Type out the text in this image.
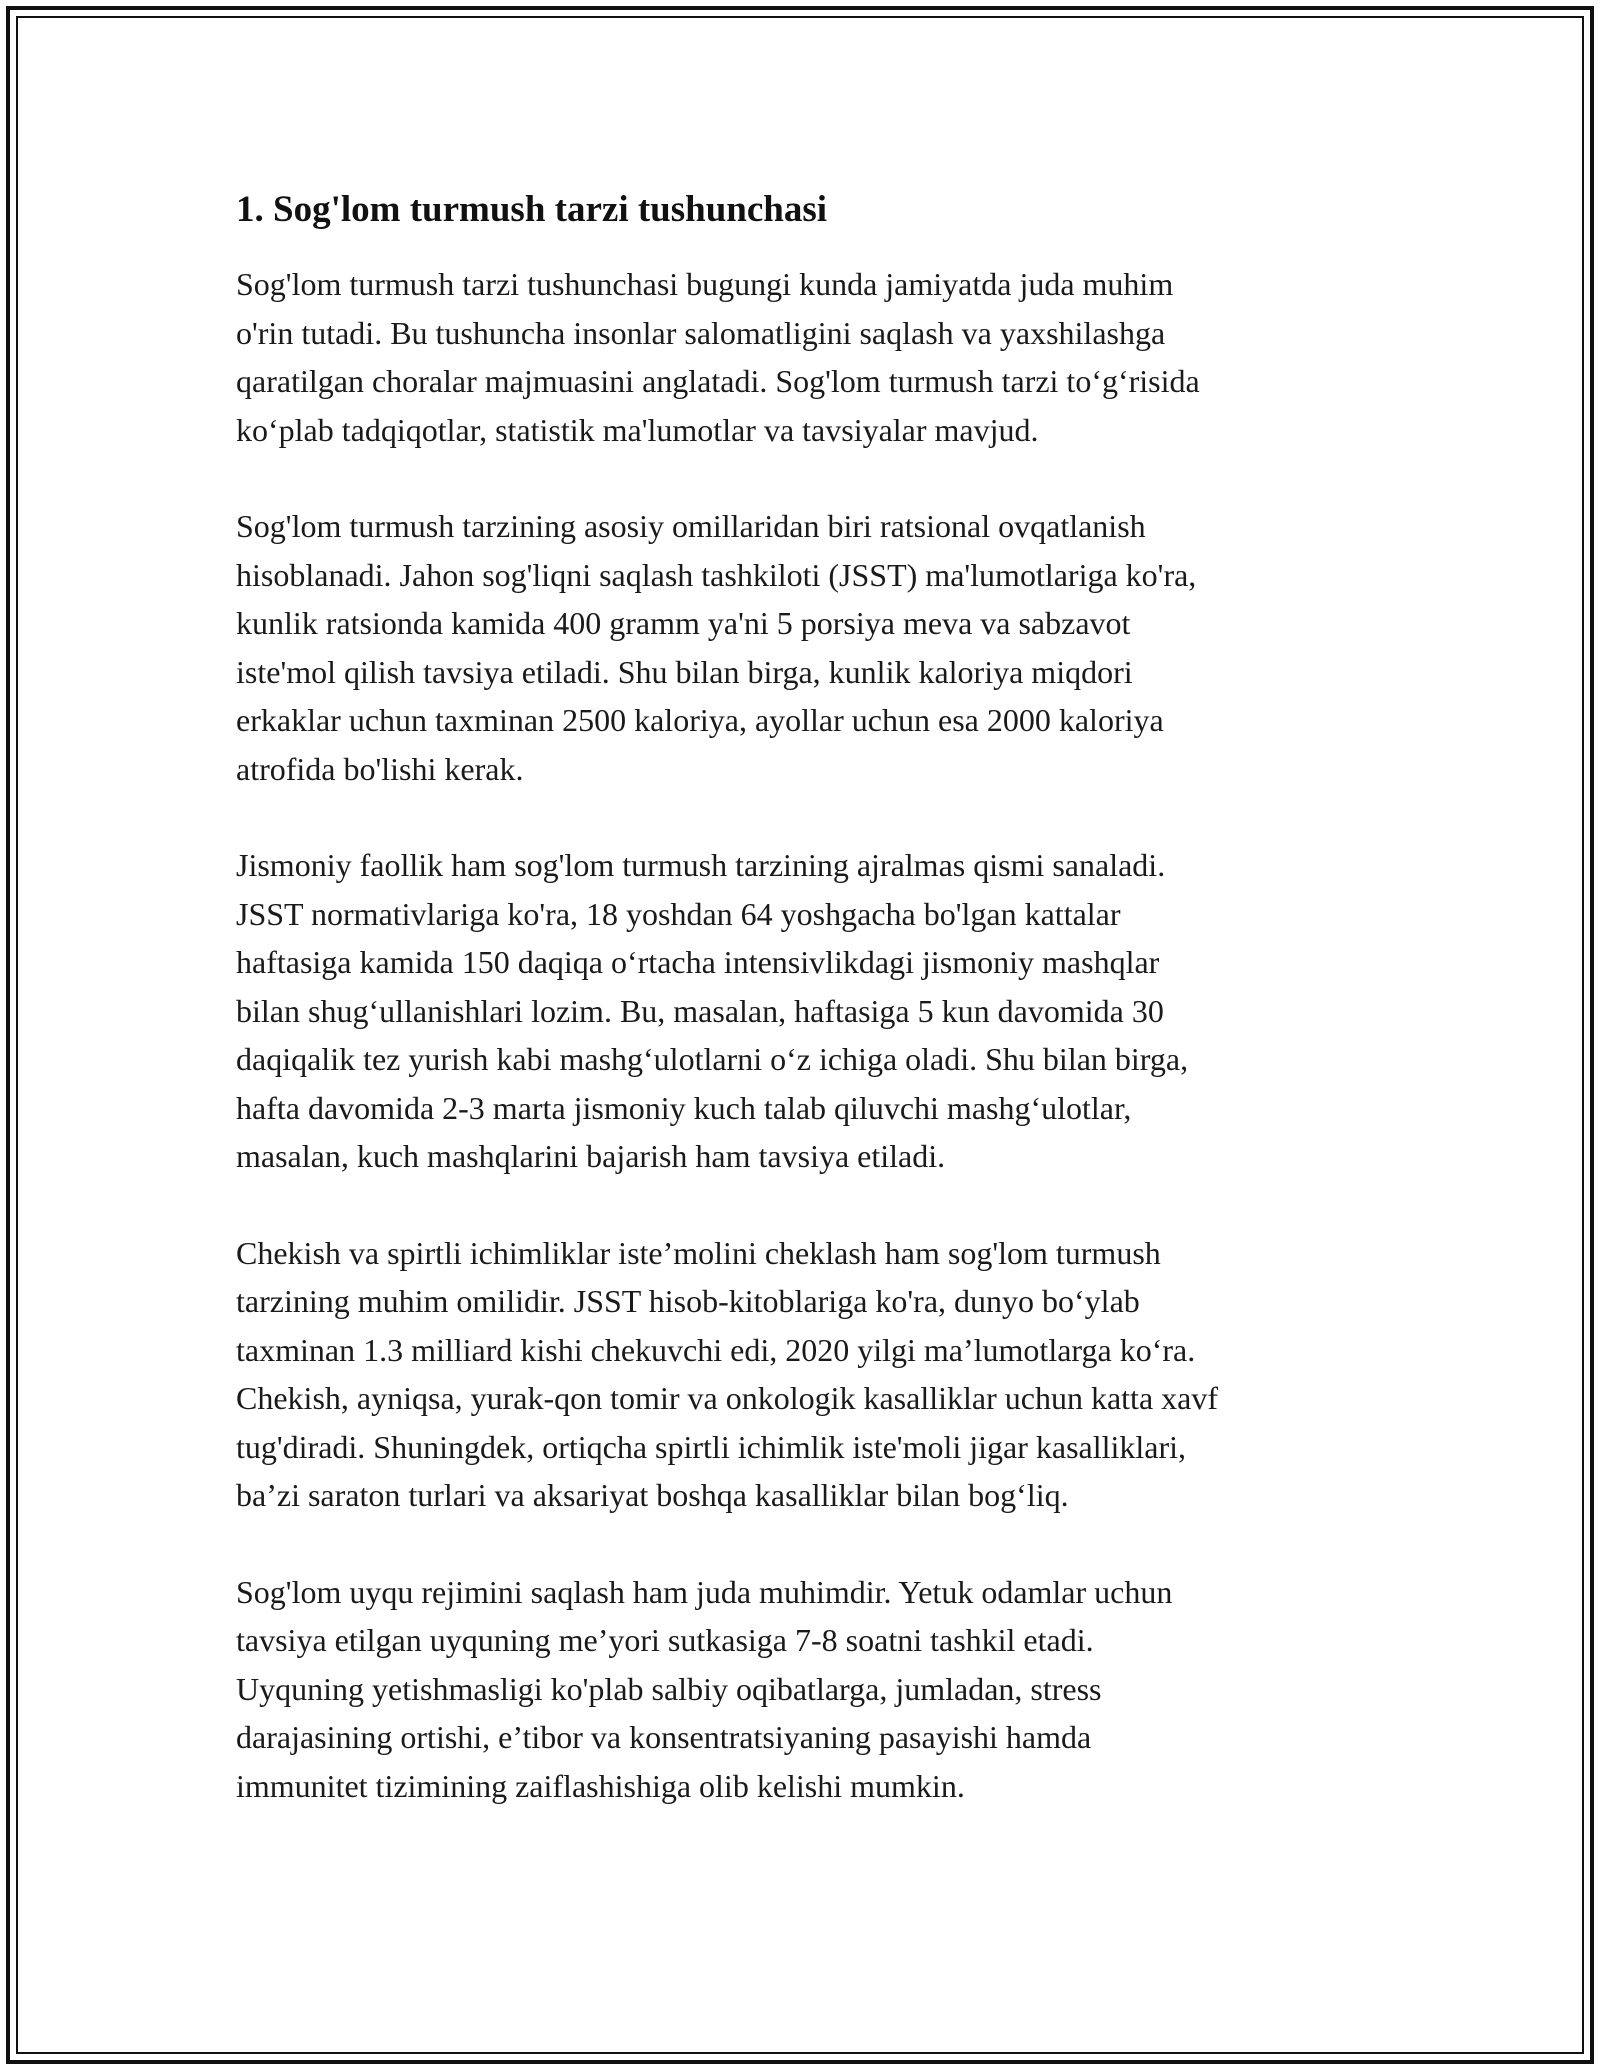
1. Sog'lom turmush tarzi tushunchasi

Sog'lom turmush tarzi tushunchasi bugungi kunda jamiyatda juda muhim
o'rin tutadi. Bu tushuncha insonlar salomatligini saqlash va yaxshilashga
qaratilgan choralar majmuasini anglatadi. Sog'lom turmush tarzi to‘g‘risida
ko‘plab tadqiqotlar, statistik ma'lumotlar va tavsiyalar mavjud.

Sog'lom turmush tarzining asosiy omillaridan biri ratsional ovqatlanish
hisoblanadi. Jahon sog'liqni saqlash tashkiloti (JSST) ma'lumotlariga ko'ra,
kunlik ratsionda kamida 400 gramm ya'ni 5 porsiya meva va sabzavot
iste'mol qilish tavsiya etiladi. Shu bilan birga, kunlik kaloriya miqdori
erkaklar uchun taxminan 2500 kaloriya, ayollar uchun esa 2000 kaloriya
atrofida bo'lishi kerak.

Jismoniy faollik ham sog'lom turmush tarzining ajralmas qismi sanaladi.
JSST normativlariga ko'ra, 18 yoshdan 64 yoshgacha bo'lgan kattalar
haftasiga kamida 150 daqiqa o‘rtacha intensivlikdagi jismoniy mashqlar
bilan shug‘ullanishlari lozim. Bu, masalan, haftasiga 5 kun davomida 30
daqiqalik tez yurish kabi mashg‘ulotlarni o‘z ichiga oladi. Shu bilan birga,
hafta davomida 2-3 marta jismoniy kuch talab qiluvchi mashg‘ulotlar,
masalan, kuch mashqlarini bajarish ham tavsiya etiladi.

Chekish va spirtli ichimliklar iste’molini cheklash ham sog'lom turmush
tarzining muhim omilidir. JSST hisob-kitoblariga ko'ra, dunyo bo‘ylab
taxminan 1.3 milliard kishi chekuvchi edi, 2020 yilgi ma’lumotlarga ko‘ra.
Chekish, ayniqsa, yurak-qon tomir va onkologik kasalliklar uchun katta xavf
tug'diradi. Shuningdek, ortiqcha spirtli ichimlik iste'moli jigar kasalliklari,
ba’zi saraton turlari va aksariyat boshqa kasalliklar bilan bog‘liq.

Sog'lom uyqu rejimini saqlash ham juda muhimdir. Yetuk odamlar uchun
tavsiya etilgan uyquning me’yori sutkasiga 7-8 soatni tashkil etadi.
Uyquning yetishmasligi ko'plab salbiy oqibatlarga, jumladan, stress
darajasining ortishi, e’tibor va konsentratsiyaning pasayishi hamda
immunitet tizimining zaiflashishiga olib kelishi mumkin.
